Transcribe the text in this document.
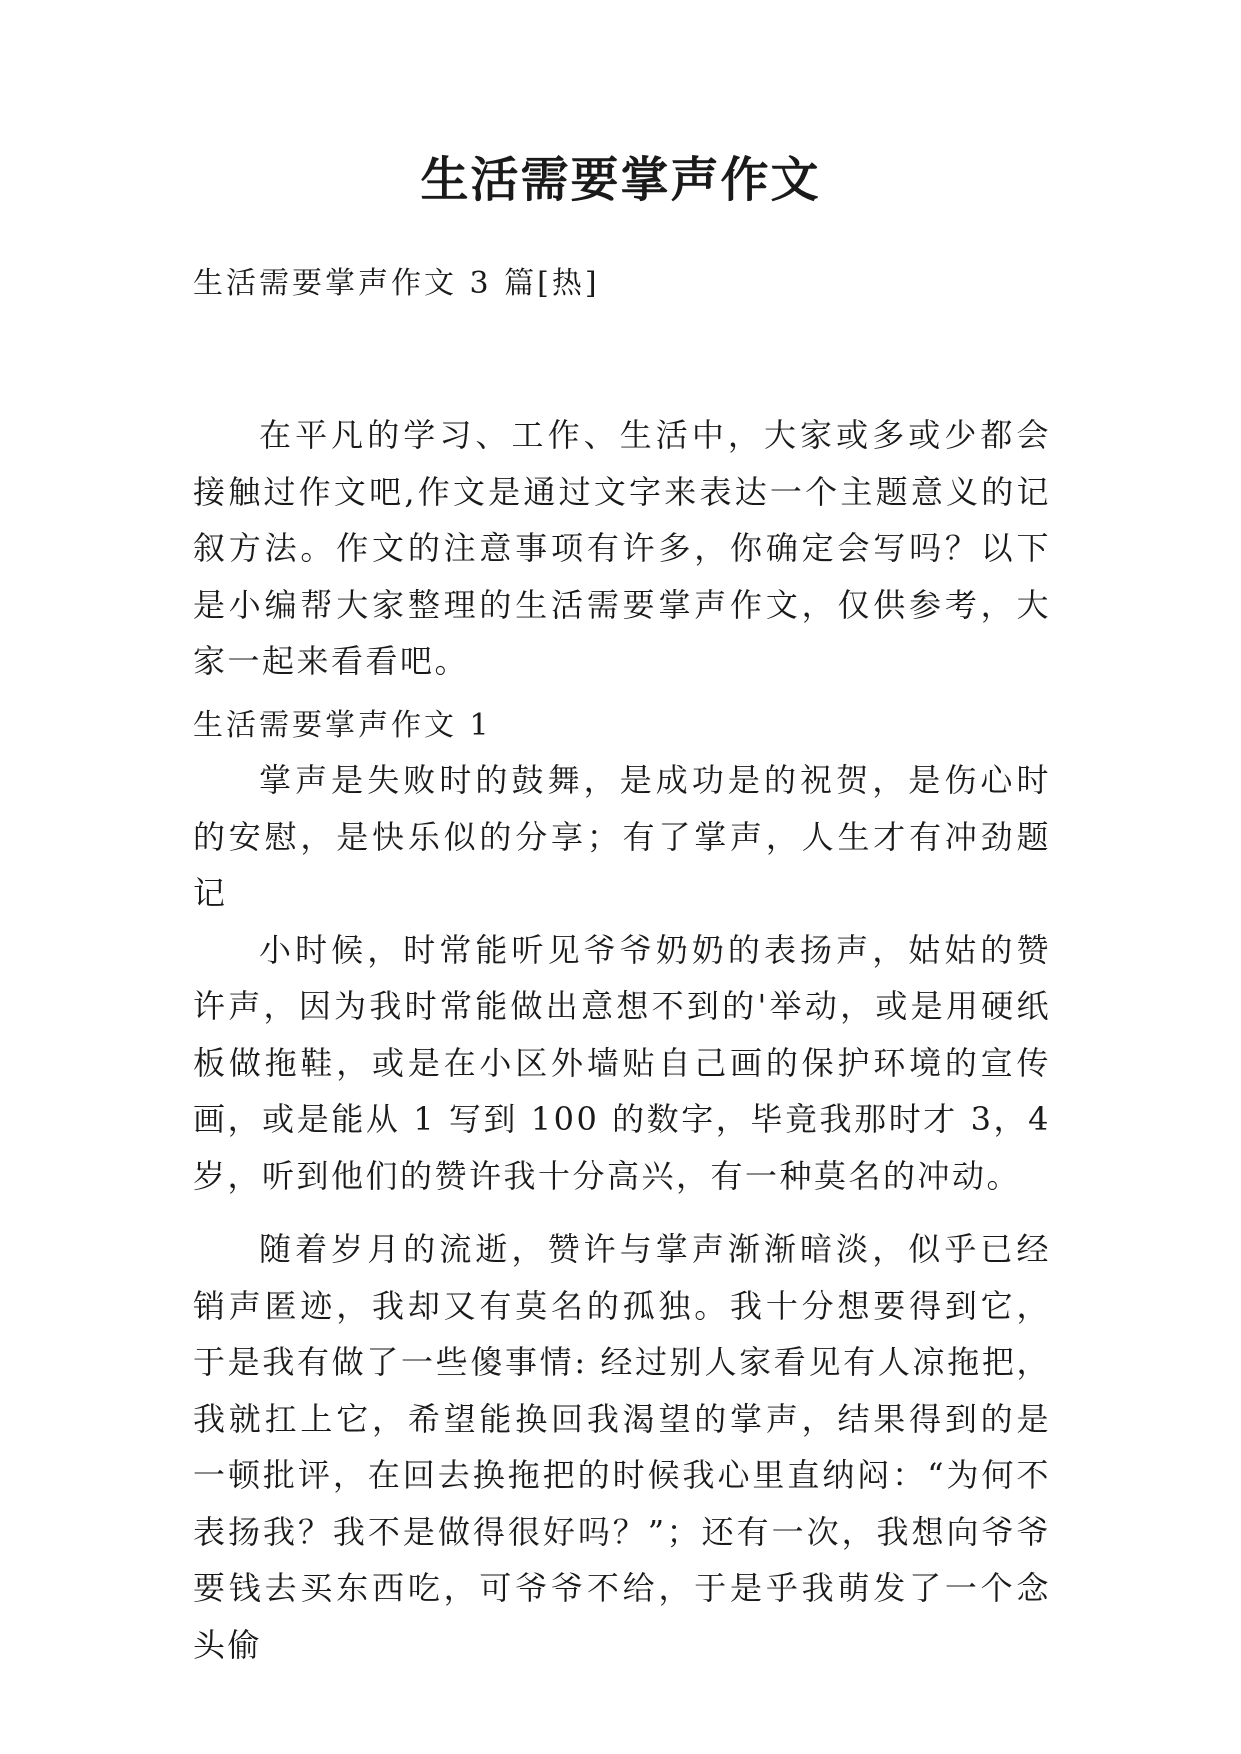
生活需要掌声作文

生活需要掌声作文 3 篇[热]

在平凡的学习、工作、生活中，大家或多或少都会接触过作文吧,作文是通过文字来表达一个主题意义的记叙方法。作文的注意事项有许多，你确定会写吗？以下是小编帮大家整理的生活需要掌声作文，仅供参考，大家一起来看看吧。

生活需要掌声作文 1

掌声是失败时的鼓舞，是成功是的祝贺，是伤心时的安慰，是快乐似的分享；有了掌声，人生才有冲劲题记

小时候，时常能听见爷爷奶奶的表扬声，姑姑的赞许声，因为我时常能做出意想不到的'举动，或是用硬纸板做拖鞋，或是在小区外墙贴自己画的保护环境的宣传画，或是能从 1 写到 100 的数字，毕竟我那时才 3，4 岁，听到他们的赞许我十分高兴，有一种莫名的冲动。

随着岁月的流逝，赞许与掌声渐渐暗淡，似乎已经销声匿迹，我却又有莫名的孤独。我十分想要得到它，于是我有做了一些傻事情: 经过别人家看见有人凉拖把，我就扛上它，希望能换回我渴望的掌声，结果得到的是一顿批评，在回去换拖把的时候我心里直纳闷：“为何不表扬我？我不是做得很好吗？”；还有一次，我想向爷爷要钱去买东西吃，可爷爷不给，于是乎我萌发了一个念头偷
